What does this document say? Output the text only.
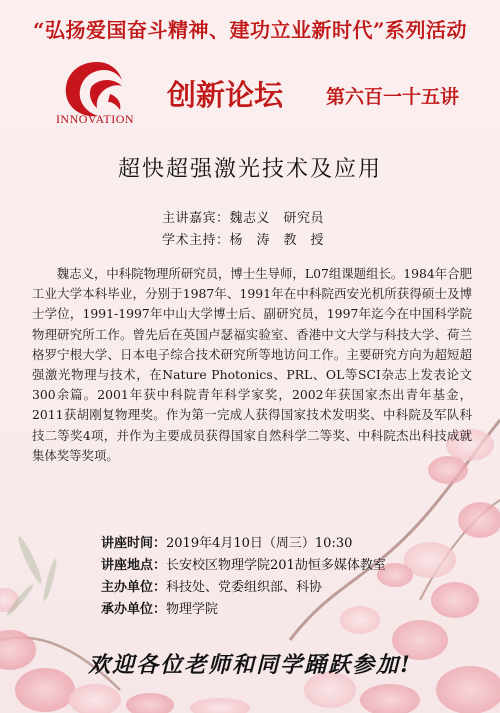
“弘扬爱国奋斗精神、建功立业新时代”系列活动
INNOVATION
创新论坛 第六百一十五讲
超快超强激光技术及应用
主讲嘉宾：魏志义　研究员
学术主持：杨　涛　教　授
魏志义，中科院物理所研究员，博士生导师，L07组课题组长。1984年合肥工业大学本科毕业，分别于1987年、1991年在中科院西安光机所获得硕士及博士学位，1991-1997年中山大学博士后、副研究员，1997年迄今在中国科学院物理研究所工作。曾先后在英国卢瑟福实验室、香港中文大学与科技大学、荷兰格罗宁根大学、日本电子综合技术研究所等地访问工作。主要研究方向为超短超强激光物理与技术，在Nature Photonics、PRL、OL等SCI杂志上发表论文300余篇。2001年获中科院青年科学家奖，2002年获国家杰出青年基金，2011获胡刚复物理奖。作为第一完成人获得国家技术发明奖、中科院及军队科技二等奖4项，并作为主要成员获得国家自然科学二等奖、中科院杰出科技成就集体奖等奖项。
讲座时间：2019年4月10日（周三）10:30
讲座地点：长安校区物理学院201劼恒多媒体教室
主办单位：科技处、党委组织部、科协
承办单位：物理学院
欢迎各位老师和同学踊跃参加!
